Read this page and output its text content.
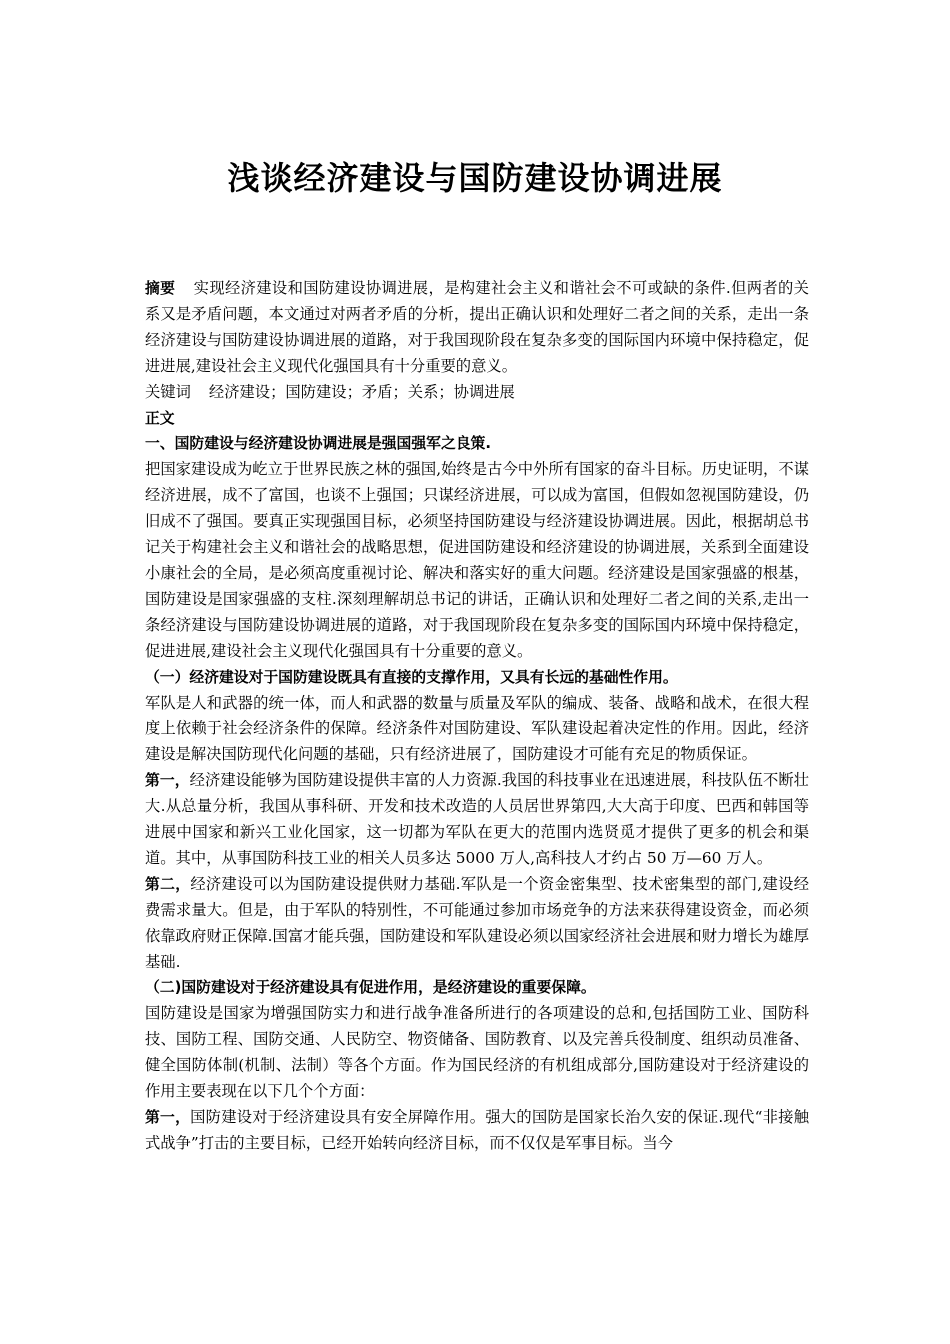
浅谈经济建设与国防建设协调进展

摘要 实现经济建设和国防建设协调进展，是构建社会主义和谐社会不可或缺的条件.但两者的关系又是矛盾问题，本文通过对两者矛盾的分析，提出正确认识和处理好二者之间的关系，走出一条经济建设与国防建设协调进展的道路，对于我国现阶段在复杂多变的国际国内环境中保持稳定，促进进展,建设社会主义现代化强国具有十分重要的意义。

关键词 经济建设；国防建设；矛盾；关系；协调进展

正文

一、国防建设与经济建设协调进展是强国强军之良策.

把国家建设成为屹立于世界民族之林的强国,始终是古今中外所有国家的奋斗目标。历史证明，不谋经济进展，成不了富国，也谈不上强国；只谋经济进展，可以成为富国，但假如忽视国防建设，仍旧成不了强国。要真正实现强国目标，必须坚持国防建设与经济建设协调进展。因此，根据胡总书记关于构建社会主义和谐社会的战略思想，促进国防建设和经济建设的协调进展，关系到全面建设小康社会的全局，是必须高度重视讨论、解决和落实好的重大问题。经济建设是国家强盛的根基，国防建设是国家强盛的支柱.深刻理解胡总书记的讲话，正确认识和处理好二者之间的关系,走出一条经济建设与国防建设协调进展的道路，对于我国现阶段在复杂多变的国际国内环境中保持稳定，促进进展,建设社会主义现代化强国具有十分重要的意义。

（一）经济建设对于国防建设既具有直接的支撑作用，又具有长远的基础性作用。

军队是人和武器的统一体，而人和武器的数量与质量及军队的编成、装备、战略和战术，在很大程度上依赖于社会经济条件的保障。经济条件对国防建设、军队建设起着决定性的作用。因此，经济建设是解决国防现代化问题的基础，只有经济进展了，国防建设才可能有充足的物质保证。

第一，经济建设能够为国防建设提供丰富的人力资源.我国的科技事业在迅速进展，科技队伍不断壮大.从总量分析，我国从事科研、开发和技术改造的人员居世界第四,大大高于印度、巴西和韩国等进展中国家和新兴工业化国家，这一切都为军队在更大的范围内选贤觅才提供了更多的机会和渠道。其中，从事国防科技工业的相关人员多达 5000 万人,高科技人才约占 50 万—60 万人。

第二，经济建设可以为国防建设提供财力基础.军队是一个资金密集型、技术密集型的部门,建设经费需求量大。但是，由于军队的特别性，不可能通过参加市场竞争的方法来获得建设资金，而必须依靠政府财正保障.国富才能兵强，国防建设和军队建设必须以国家经济社会进展和财力增长为雄厚基础.

（二)国防建设对于经济建设具有促进作用，是经济建设的重要保障。

国防建设是国家为增强国防实力和进行战争准备所进行的各项建设的总和,包括国防工业、国防科技、国防工程、国防交通、人民防空、物资储备、国防教育、以及完善兵役制度、组织动员准备、健全国防体制(机制、法制）等各个方面。作为国民经济的有机组成部分,国防建设对于经济建设的作用主要表现在以下几个个方面：

第一，国防建设对于经济建设具有安全屏障作用。强大的国防是国家长治久安的保证.现代“非接触式战争”打击的主要目标，已经开始转向经济目标，而不仅仅是军事目标。当今
